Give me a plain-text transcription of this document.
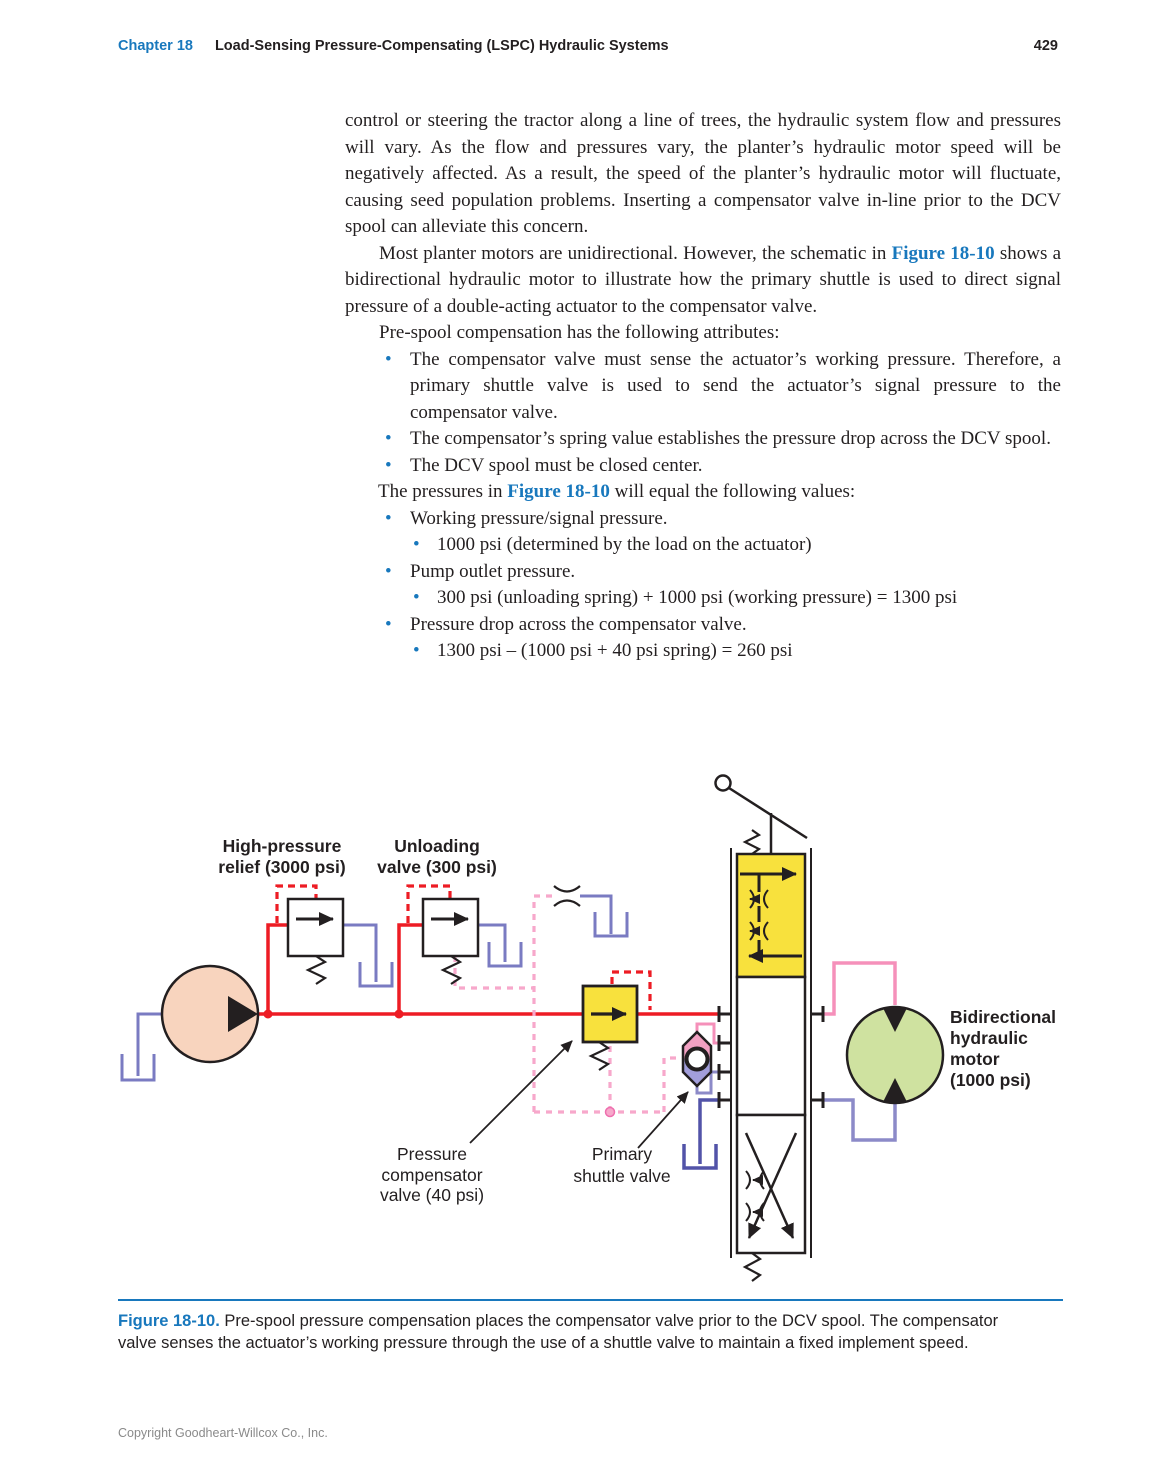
Chapter 18 Load-Sensing Pressure-Compensating (LSPC) Hydraulic Systems	429
control or steering the tractor along a line of trees, the hydraulic system flow and pressures will vary. As the flow and pressures vary, the planter’s hydraulic motor speed will be negatively affected. As a result, the speed of the planter’s hydraulic motor will fluctuate, causing seed population problems. Inserting a compensator valve in-line prior to the DCV spool can alleviate this concern.
Most planter motors are unidirectional. However, the schematic in Figure 18-10 shows a bidirectional hydraulic motor to illustrate how the primary shuttle is used to direct signal pressure of a double-acting actuator to the compensator valve.
Pre-spool compensation has the following attributes:
• The compensator valve must sense the actuator’s working pressure. Therefore, a primary shuttle valve is used to send the actuator’s signal pressure to the compensator valve.
• The compensator’s spring value establishes the pressure drop across the DCV spool.
• The DCV spool must be closed center.
The pressures in Figure 18-10 will equal the following values:
• Working pressure/signal pressure.
• 1000 psi (determined by the load on the actuator)
• Pump outlet pressure.
• 300 psi (unloading spring) + 1000 psi (working pressure) = 1300 psi
• Pressure drop across the compensator valve.
• 1300 psi – (1000 psi + 40 psi spring) = 260 psi
High-pressure
relief (3000 psi)
Unloading
valve (300 psi)
Bidirectional
hydraulic
motor
(1000 psi)
Pressure
compensator
valve (40 psi)
Primary
shuttle valve
Figure 18-10. Pre-spool pressure compensation places the compensator valve prior to the DCV spool. The compensator valve senses the actuator’s working pressure through the use of a shuttle valve to maintain a fixed implement speed.
Copyright Goodheart-Willcox Co., Inc.
